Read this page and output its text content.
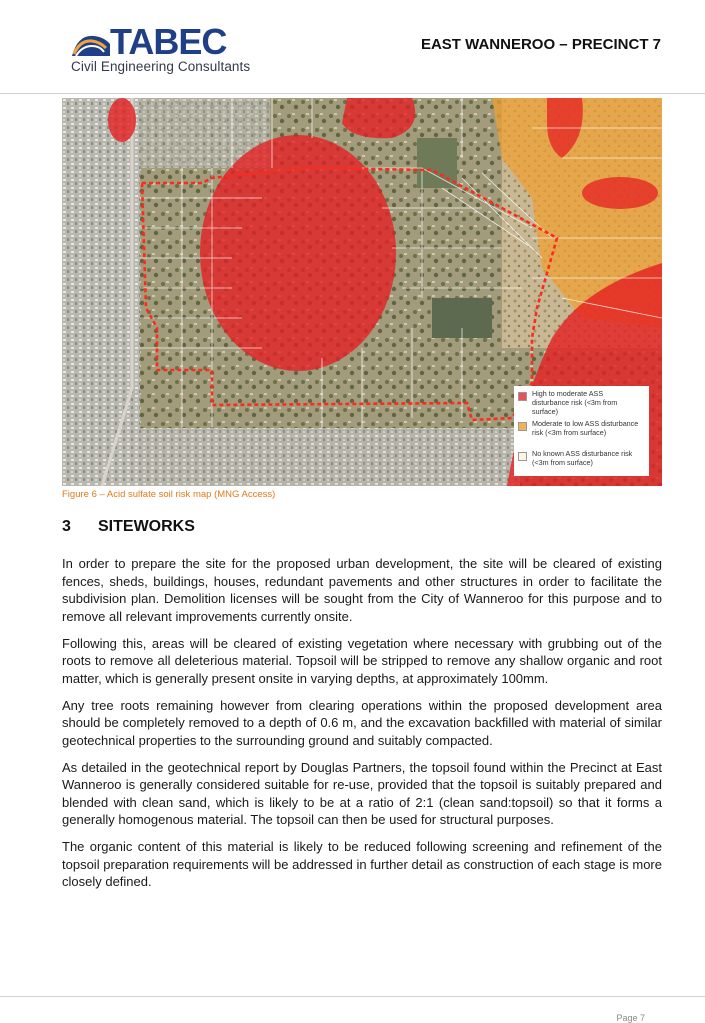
TABEC
Civil Engineering Consultants
EAST WANNEROO – PRECINCT 7
High to moderate ASS disturbance risk (<3m from surface)
Moderate to low ASS disturbance risk (<3m from surface)
No known ASS disturbance risk (<3m from surface)
Figure 6 – Acid sulfate soil risk map (MNG Access)
3 SITEWORKS

In order to prepare the site for the proposed urban development, the site will be cleared of existing fences, sheds, buildings, houses, redundant pavements and other structures in order to facilitate the subdivision plan. Demolition licenses will be sought from the City of Wanneroo for this purpose and to remove all relevant improvements currently onsite.

Following this, areas will be cleared of existing vegetation where necessary with grubbing out of the roots to remove all deleterious material. Topsoil will be stripped to remove any shallow organic and root matter, which is generally present onsite in varying depths, at approximately 100mm.

Any tree roots remaining however from clearing operations within the proposed development area should be completely removed to a depth of 0.6 m, and the excavation backfilled with material of similar geotechnical properties to the surrounding ground and suitably compacted.

As detailed in the geotechnical report by Douglas Partners, the topsoil found within the Precinct at East Wanneroo is generally considered suitable for re-use, provided that the topsoil is suitably prepared and blended with clean sand, which is likely to be at a ratio of 2:1 (clean sand:topsoil) so that it forms a generally homogenous material. The topsoil can then be used for structural purposes.

The organic content of this material is likely to be reduced following screening and refinement of the topsoil preparation requirements will be addressed in further detail as construction of each stage is more closely defined.

Page 7
